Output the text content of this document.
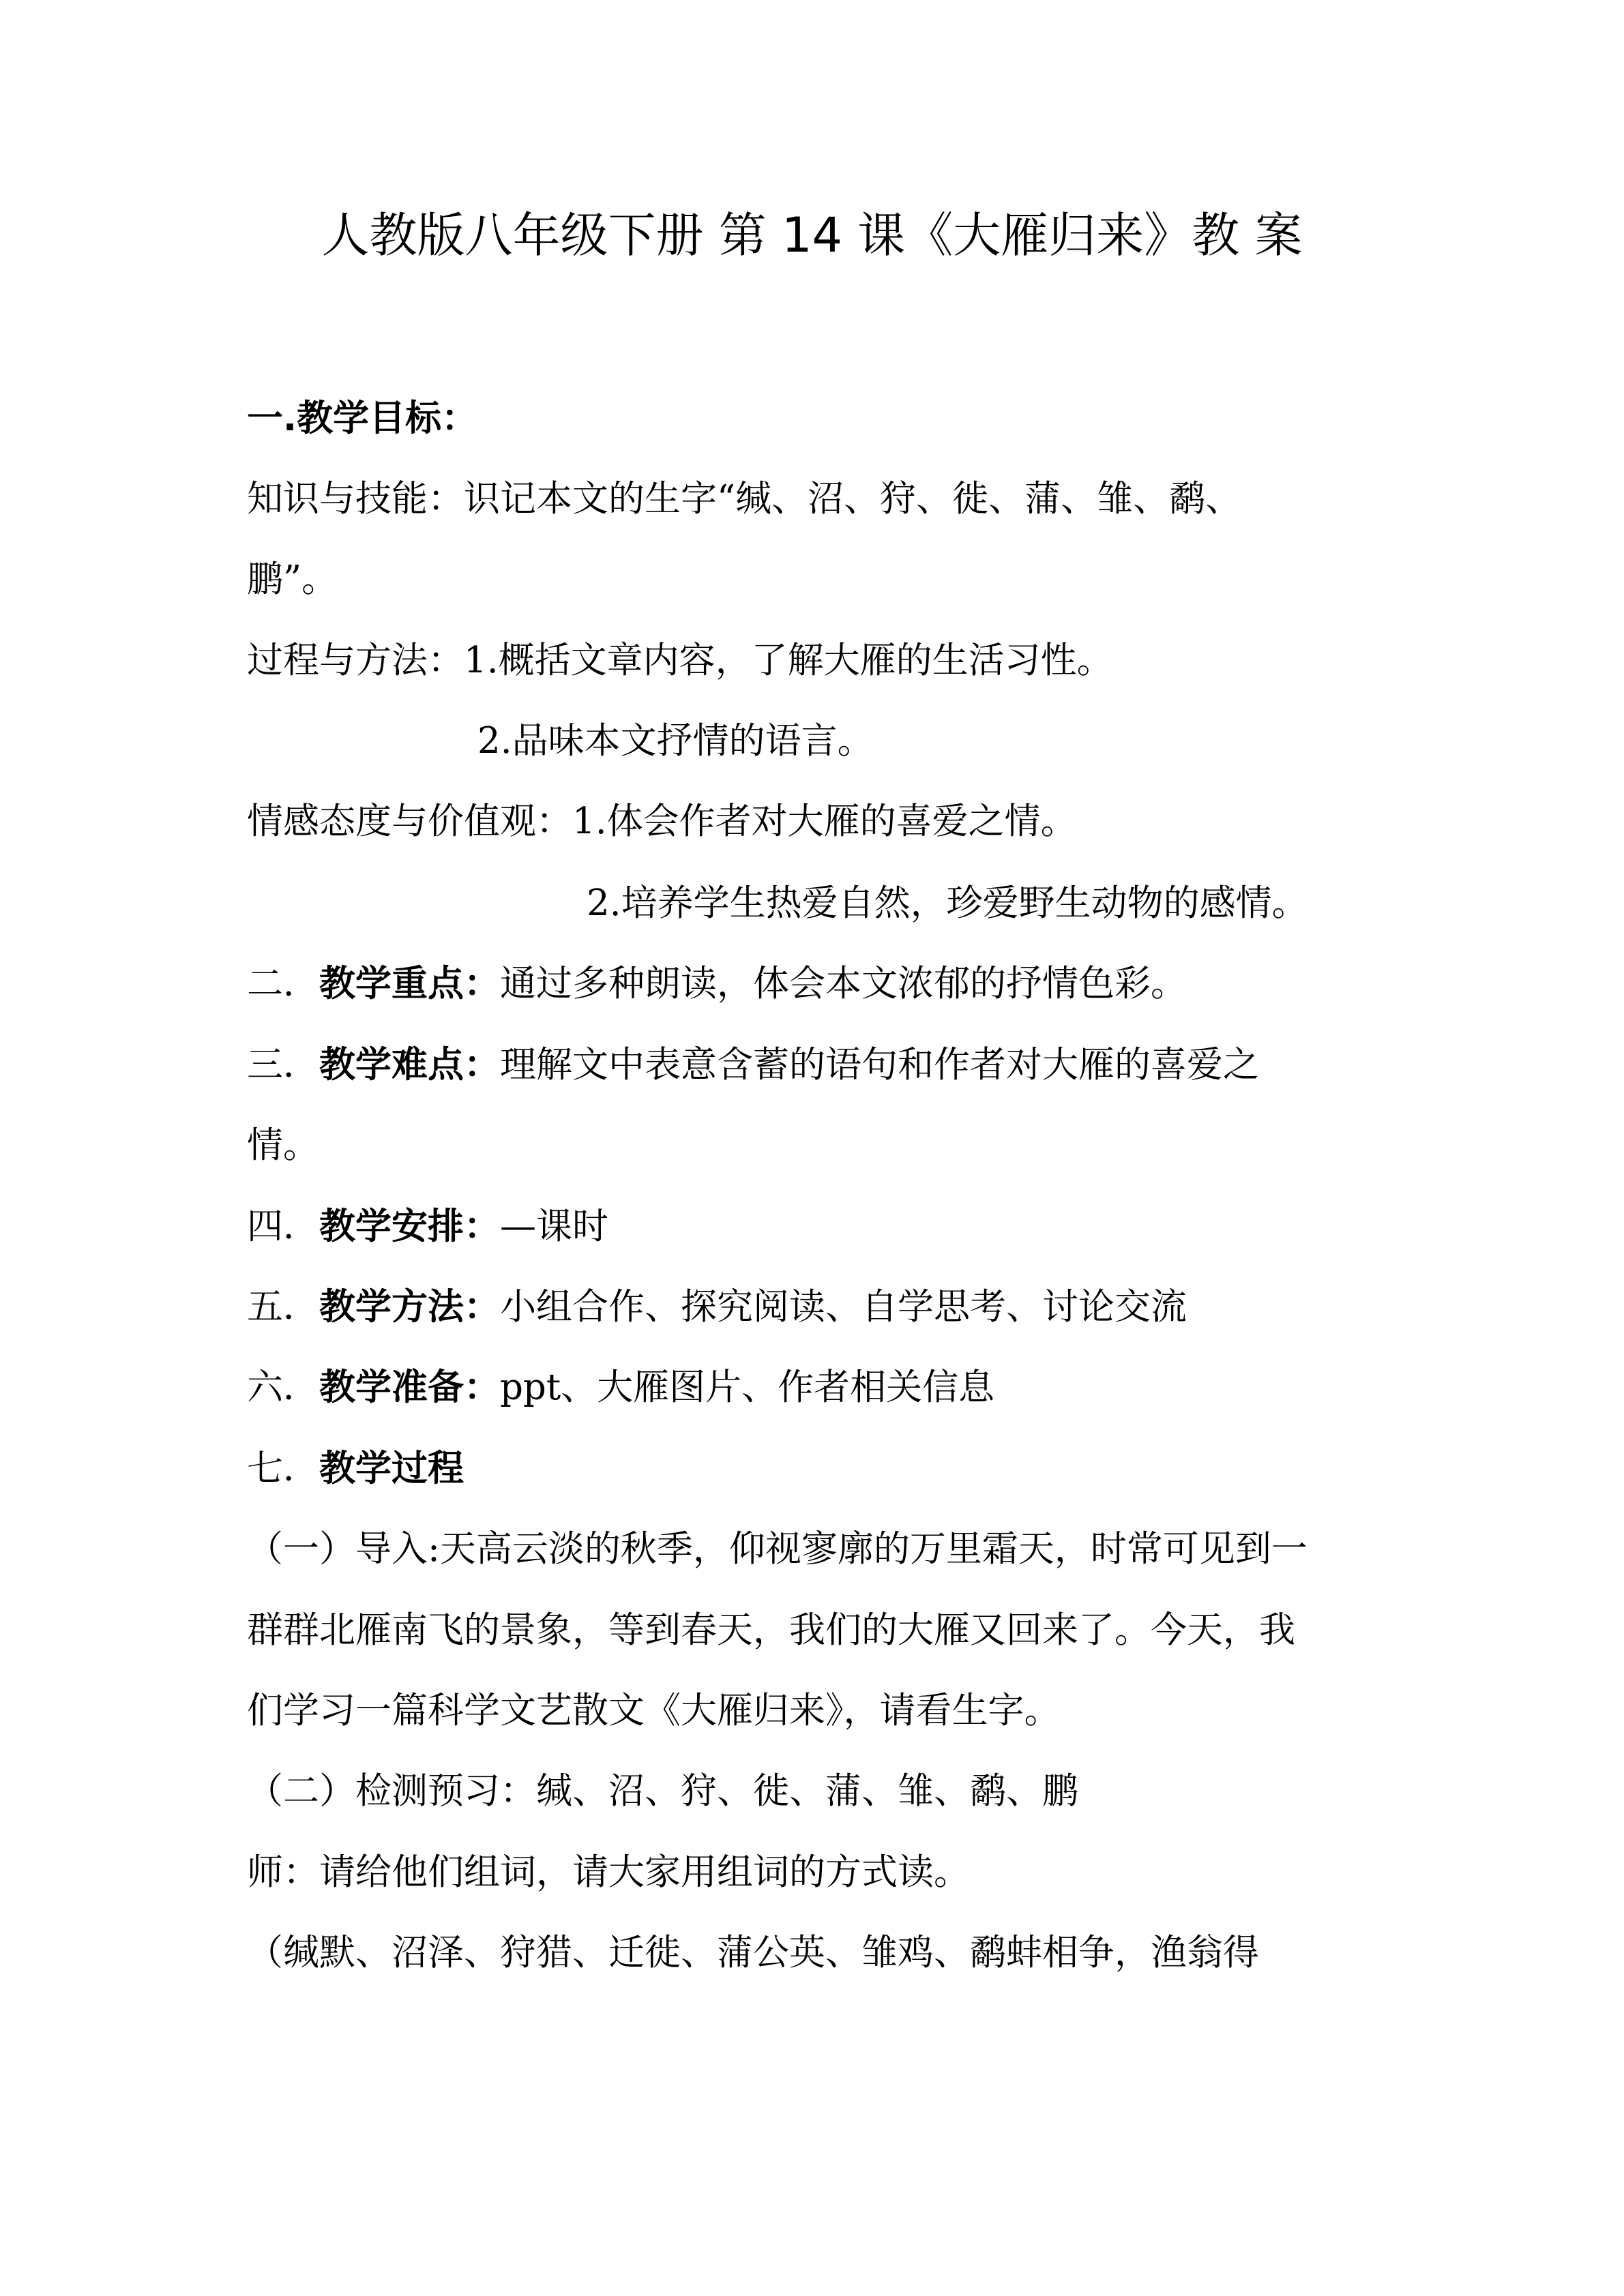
人教版八年级下册 第 14 课《大雁归来》教 案
一.教学目标：
知识与技能：识记本文的生字“缄、沼、狩、徙、蒲、雏、鹬、
鹏”。
过程与方法：1.概括文章内容，了解大雁的生活习性。
2.品味本文抒情的语言。
情感态度与价值观：1.体会作者对大雁的喜爱之情。
2.培养学生热爱自然，珍爱野生动物的感情。
二．教学重点：通过多种朗读，体会本文浓郁的抒情色彩。
三．教学难点：理解文中表意含蓄的语句和作者对大雁的喜爱之
情。
四．教学安排：—课时
五．教学方法：小组合作、探究阅读、自学思考、讨论交流
六．教学准备：ppt、大雁图片、作者相关信息
七．教学过程
（一）导入:天高云淡的秋季，仰视寥廓的万里霜天，时常可见到一
群群北雁南飞的景象，等到春天，我们的大雁又回来了。今天，我
们学习一篇科学文艺散文《大雁归来》，请看生字。
（二）检测预习：缄、沼、狩、徙、蒲、雏、鹬、鹏
师：请给他们组词，请大家用组词的方式读。
（缄默、沼泽、狩猎、迁徙、蒲公英、雏鸡、鹬蚌相争，渔翁得
